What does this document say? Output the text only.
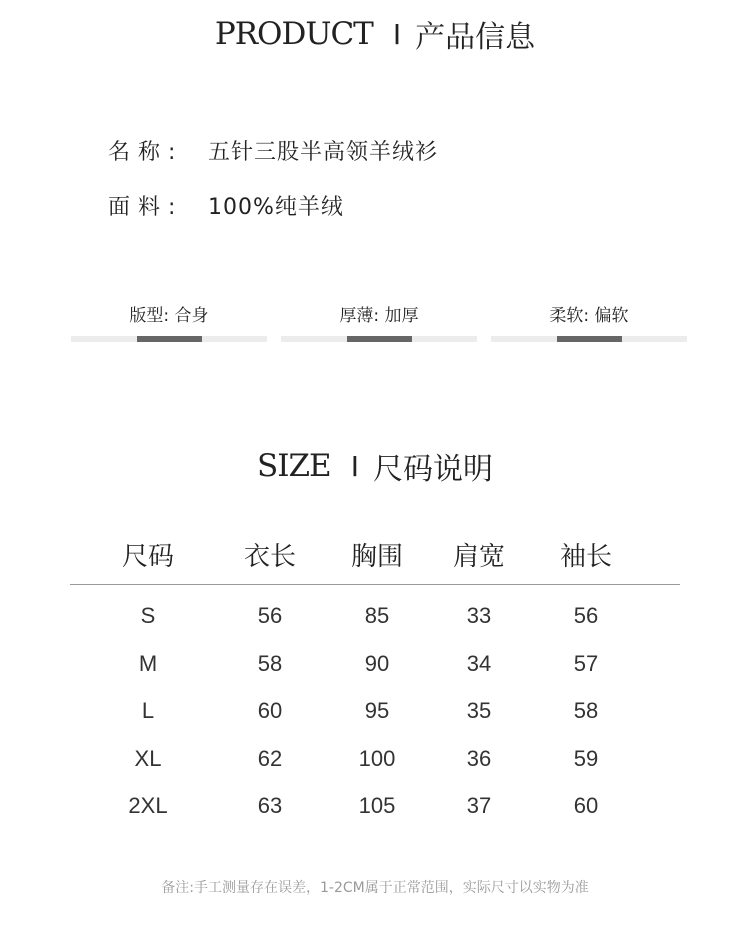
PRODUCT I 产品信息
名称: 五针三股半高领羊绒衫
面料: 100%纯羊绒
版型: 合身	厚薄: 加厚	柔软: 偏软
SIZE I 尺码说明
尺码	衣长	胸围	肩宽	袖长
S	56	85	33	56
M	58	90	34	57
L	60	95	35	58
XL	62	100	36	59
2XL	63	105	37	60
备注:手工测量存在误差，1-2CM属于正常范围，实际尺寸以实物为准
